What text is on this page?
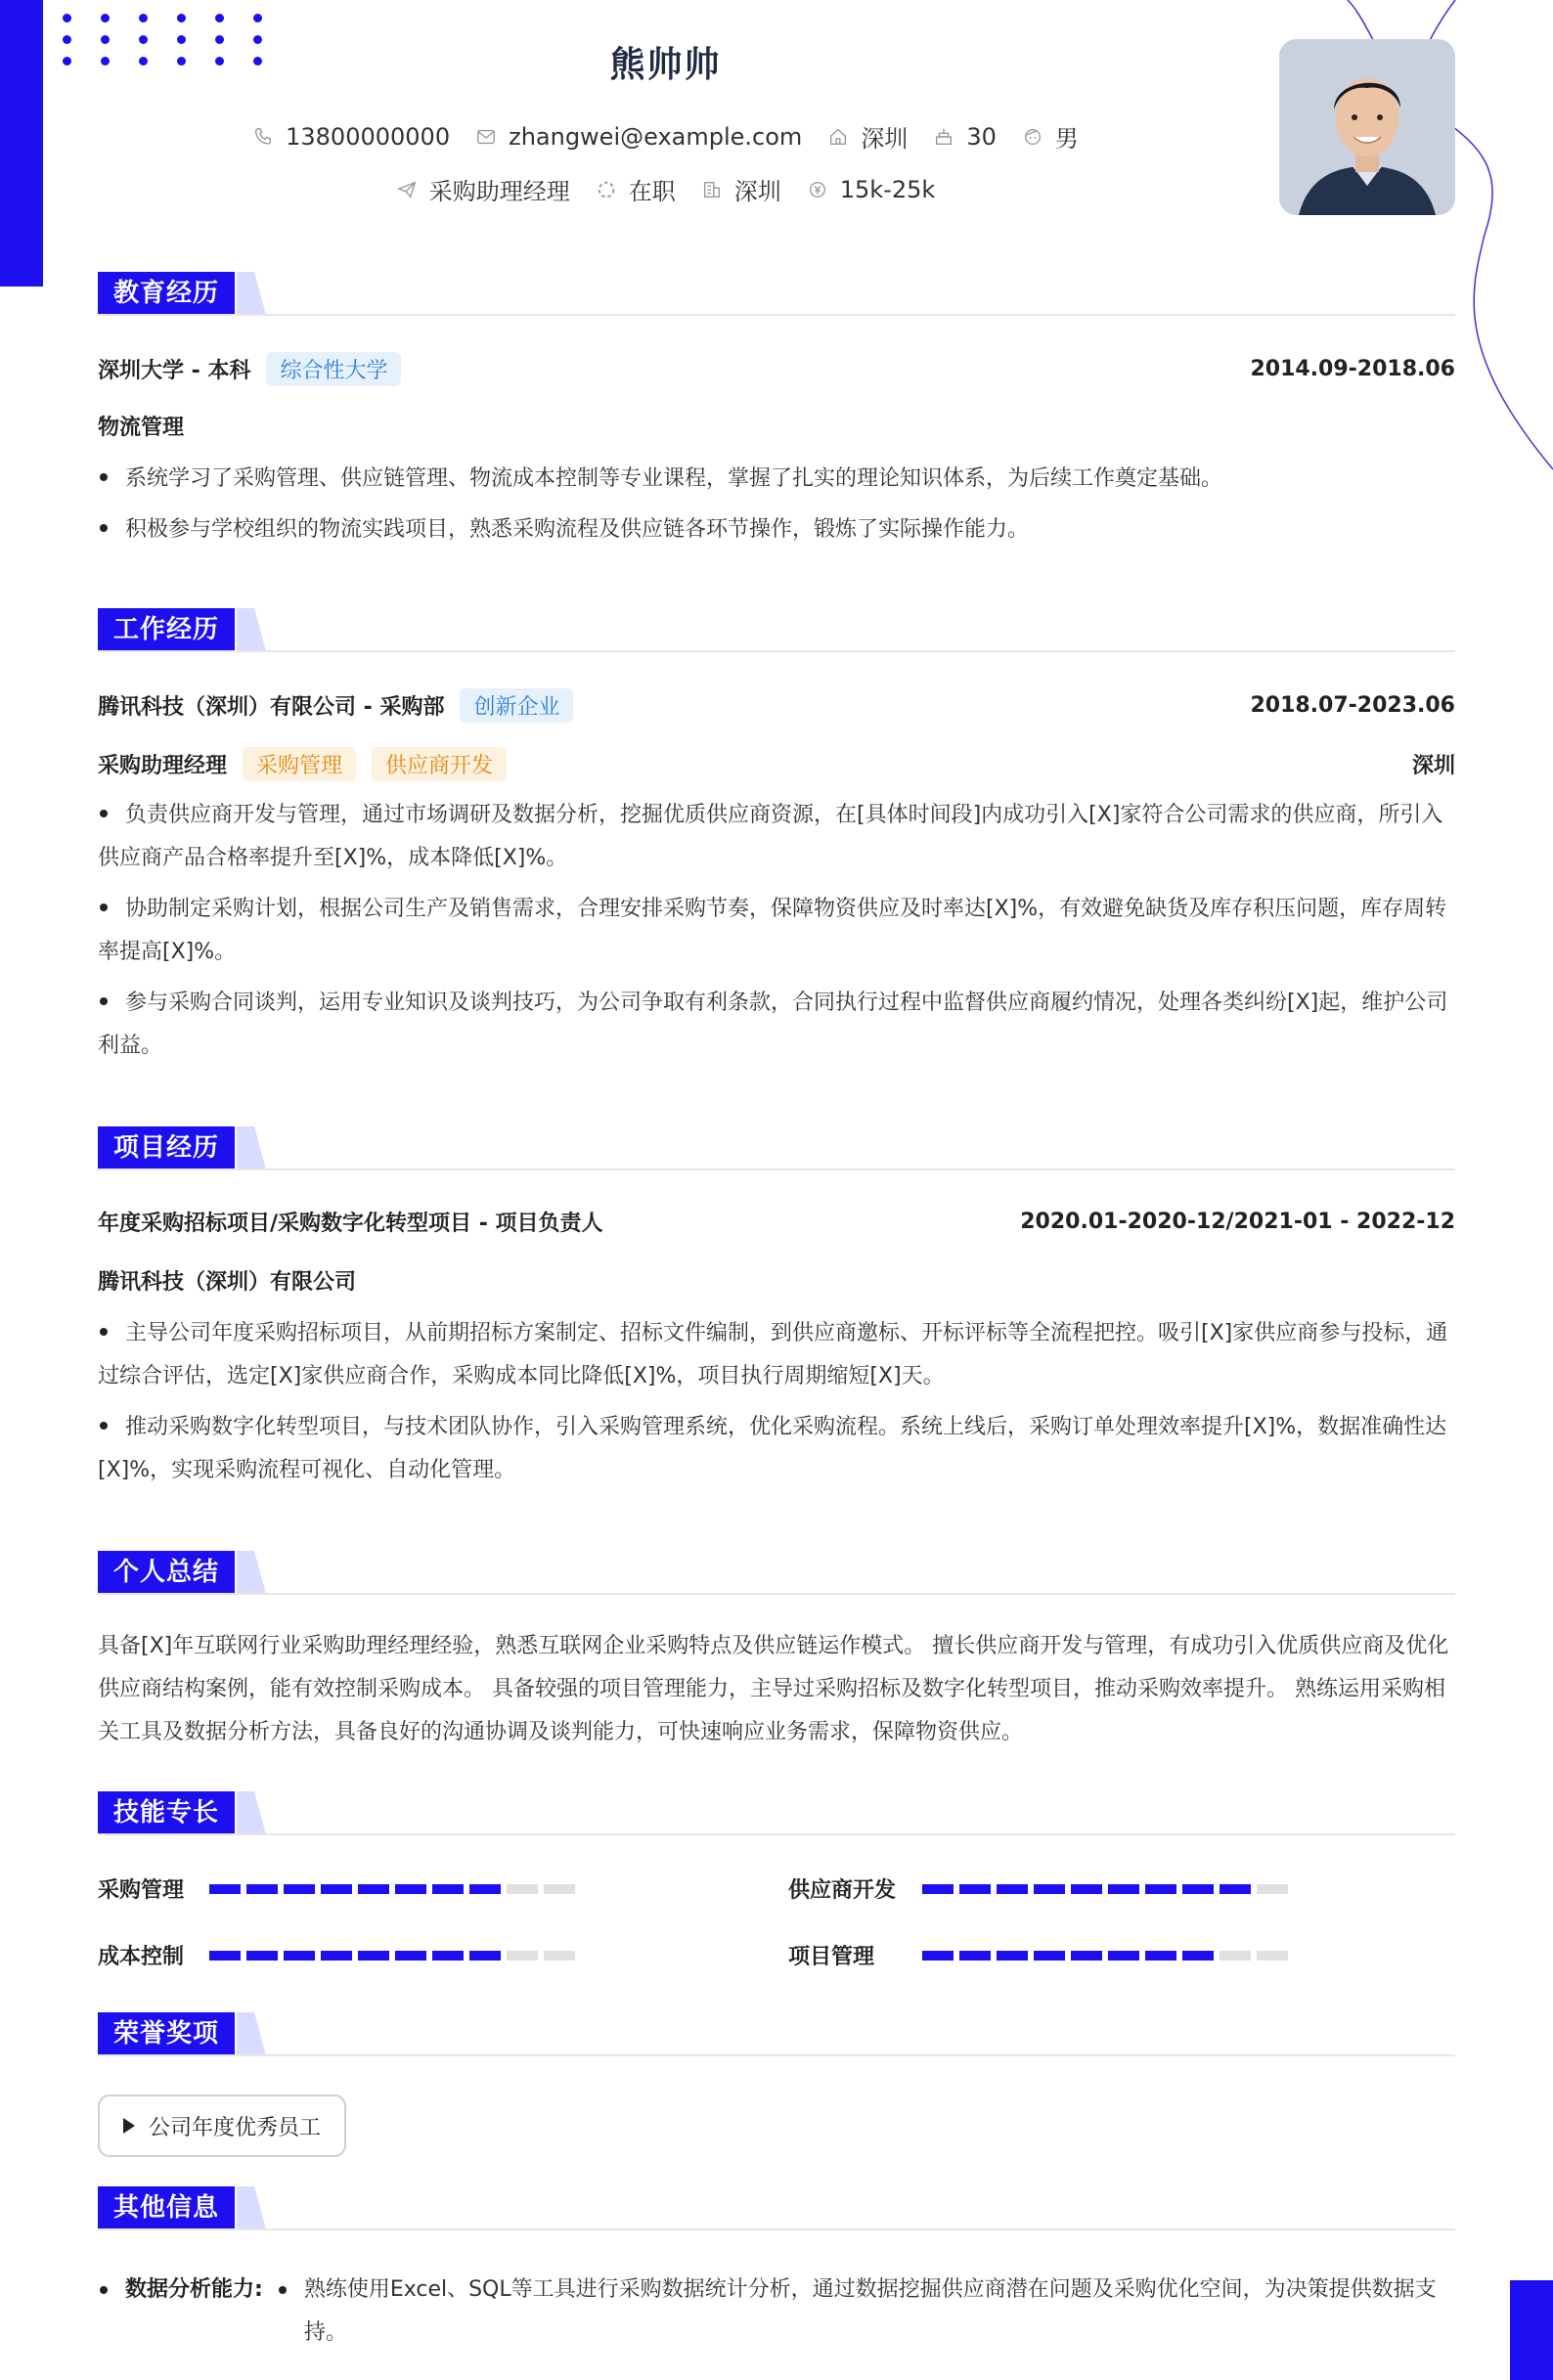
熊帅帅
13800000000	zhangwei@example.com	深圳	30	男
采购助理经理	在职	深圳	15k-25k
教育经历
深圳大学 - 本科	综合性大学	2014.09-2018.06
物流管理
系统学习了采购管理、供应链管理、物流成本控制等专业课程，掌握了扎实的理论知识体系，为后续工作奠定基础。
积极参与学校组织的物流实践项目，熟悉采购流程及供应链各环节操作，锻炼了实际操作能力。
工作经历
腾讯科技（深圳）有限公司 - 采购部	创新企业	2018.07-2023.06
采购助理经理	采购管理	供应商开发	深圳
负责供应商开发与管理，通过市场调研及数据分析，挖掘优质供应商资源，在[具体时间段]内成功引入[X]家符合公司需求的供应商，所引入供应商产品合格率提升至[X]%，成本降低[X]%。
协助制定采购计划，根据公司生产及销售需求，合理安排采购节奏，保障物资供应及时率达[X]%，有效避免缺货及库存积压问题，库存周转率提高[X]%。
参与采购合同谈判，运用专业知识及谈判技巧，为公司争取有利条款，合同执行过程中监督供应商履约情况，处理各类纠纷[X]起，维护公司利益。
项目经历
年度采购招标项目/采购数字化转型项目 - 项目负责人	2020.01-2020-12/2021-01 - 2022-12
腾讯科技（深圳）有限公司
主导公司年度采购招标项目，从前期招标方案制定、招标文件编制，到供应商邀标、开标评标等全流程把控。吸引[X]家供应商参与投标，通过综合评估，选定[X]家供应商合作，采购成本同比降低[X]%，项目执行周期缩短[X]天。
推动采购数字化转型项目，与技术团队协作，引入采购管理系统，优化采购流程。系统上线后，采购订单处理效率提升[X]%，数据准确性达[X]%，实现采购流程可视化、自动化管理。
个人总结
具备[X]年互联网行业采购助理经理经验，熟悉互联网企业采购特点及供应链运作模式。 擅长供应商开发与管理，有成功引入优质供应商及优化供应商结构案例，能有效控制采购成本。 具备较强的项目管理能力，主导过采购招标及数字化转型项目，推动采购效率提升。 熟练运用采购相关工具及数据分析方法，具备良好的沟通协调及谈判能力，可快速响应业务需求，保障物资供应。
技能专长
采购管理	供应商开发
成本控制	项目管理
荣誉奖项
公司年度优秀员工
其他信息
数据分析能力: 熟练使用Excel、SQL等工具进行采购数据统计分析，通过数据挖掘供应商潜在问题及采购优化空间，为决策提供数据支持。
